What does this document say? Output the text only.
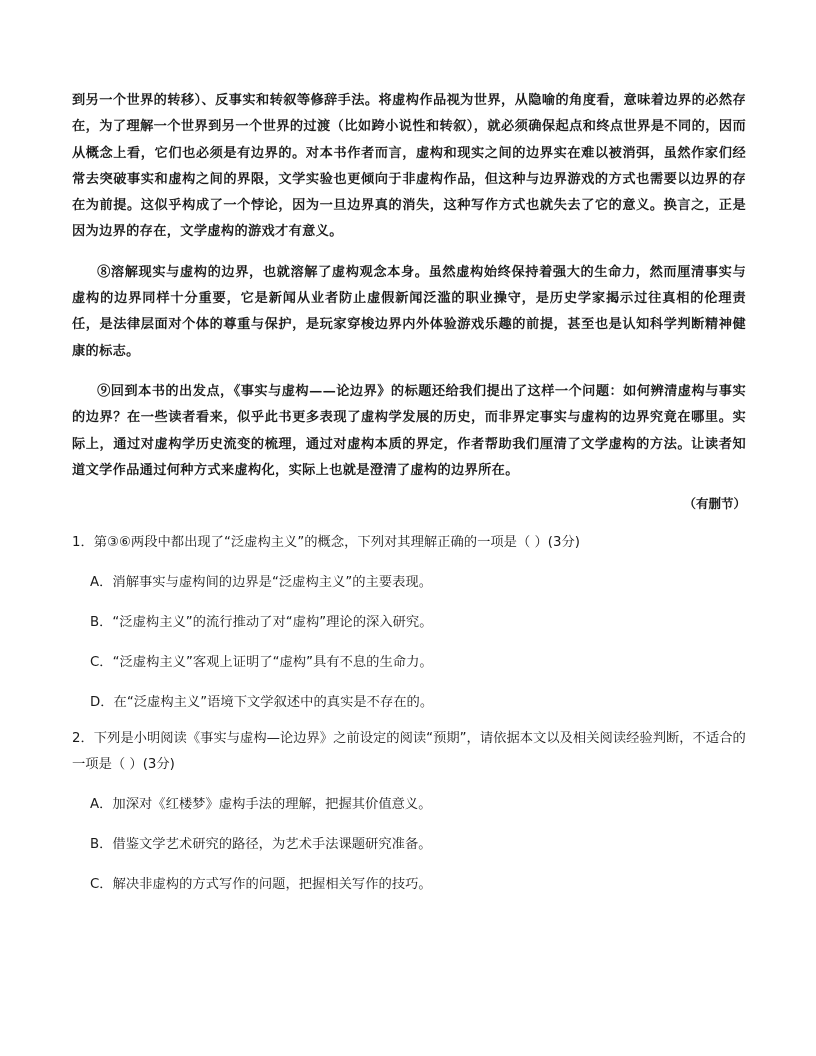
到另一个世界的转移）、反事实和转叙等修辞手法。将虚构作品视为世界，从隐喻的角度看，意味着边界的必然存在，为了理解一个世界到另一个世界的过渡（比如跨小说性和转叙），就必须确保起点和终点世界是不同的，因而从概念上看，它们也必须是有边界的。对本书作者而言，虚构和现实之间的边界实在难以被消弭，虽然作家们经常去突破事实和虚构之间的界限，文学实验也更倾向于非虚构作品，但这种与边界游戏的方式也需要以边界的存在为前提。这似乎构成了一个悖论，因为一旦边界真的消失，这种写作方式也就失去了它的意义。换言之，正是因为边界的存在，文学虚构的游戏才有意义。

⑧溶解现实与虚构的边界，也就溶解了虚构观念本身。虽然虚构始终保持着强大的生命力，然而厘清事实与虚构的边界同样十分重要，它是新闻从业者防止虚假新闻泛滥的职业操守，是历史学家揭示过往真相的伦理责任，是法律层面对个体的尊重与保护，是玩家穿梭边界内外体验游戏乐趣的前提，甚至也是认知科学判断精神健康的标志。

⑨回到本书的出发点，《事实与虚构——论边界》的标题还给我们提出了这样一个问题：如何辨清虚构与事实的边界？在一些读者看来，似乎此书更多表现了虚构学发展的历史，而非界定事实与虚构的边界究竟在哪里。实际上，通过对虚构学历史流变的梳理，通过对虚构本质的界定，作者帮助我们厘清了文学虚构的方法。让读者知道文学作品通过何种方式来虚构化，实际上也就是澄清了虚构的边界所在。

（有删节）

1．第③⑥两段中都出现了“泛虚构主义”的概念，下列对其理解正确的一项是（ ）(3分)

A．消解事实与虚构间的边界是“泛虚构主义”的主要表现。
B．“泛虚构主义”的流行推动了对“虚构”理论的深入研究。
C．“泛虚构主义”客观上证明了“虚构”具有不息的生命力。
D．在“泛虚构主义”语境下文学叙述中的真实是不存在的。

2．下列是小明阅读《事实与虚构—论边界》之前设定的阅读“预期”，请依据本文以及相关阅读经验判断，不适合的一项是（ ）(3分)

A．加深对《红楼梦》虚构手法的理解，把握其价值意义。
B．借鉴文学艺术研究的路径，为艺术手法课题研究准备。
C．解决非虚构的方式写作的问题，把握相关写作的技巧。
